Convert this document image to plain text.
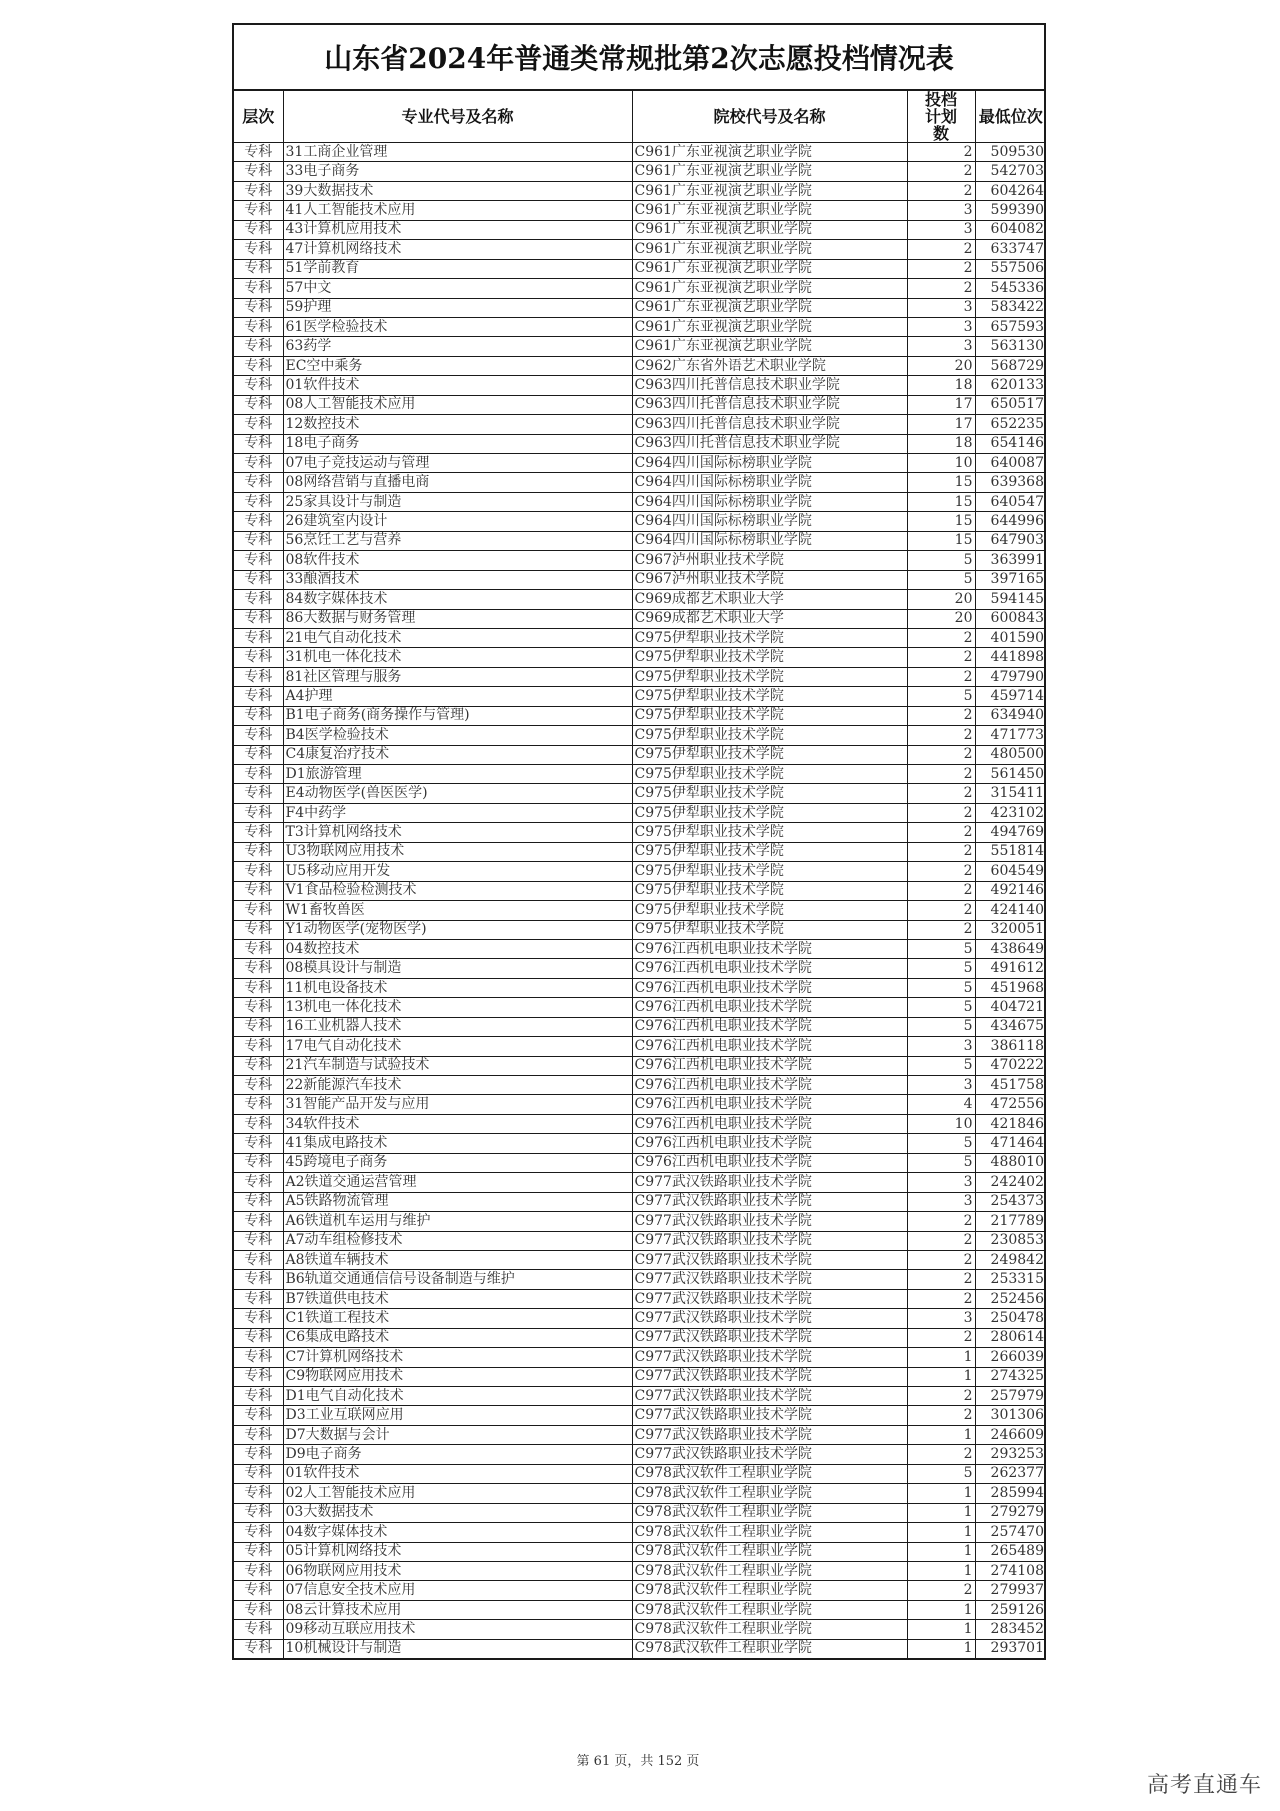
山东省2024年普通类常规批第2次志愿投档情况表
层次	专业代号及名称	院校代号及名称	投档计划数	最低位次
专科	31工商企业管理	C961广东亚视演艺职业学院	2	509530
专科	33电子商务	C961广东亚视演艺职业学院	2	542703
专科	39大数据技术	C961广东亚视演艺职业学院	2	604264
专科	41人工智能技术应用	C961广东亚视演艺职业学院	3	599390
专科	43计算机应用技术	C961广东亚视演艺职业学院	3	604082
专科	47计算机网络技术	C961广东亚视演艺职业学院	2	633747
专科	51学前教育	C961广东亚视演艺职业学院	2	557506
专科	57中文	C961广东亚视演艺职业学院	2	545336
专科	59护理	C961广东亚视演艺职业学院	3	583422
专科	61医学检验技术	C961广东亚视演艺职业学院	3	657593
专科	63药学	C961广东亚视演艺职业学院	3	563130
专科	EC空中乘务	C962广东省外语艺术职业学院	20	568729
专科	01软件技术	C963四川托普信息技术职业学院	18	620133
专科	08人工智能技术应用	C963四川托普信息技术职业学院	17	650517
专科	12数控技术	C963四川托普信息技术职业学院	17	652235
专科	18电子商务	C963四川托普信息技术职业学院	18	654146
专科	07电子竞技运动与管理	C964四川国际标榜职业学院	10	640087
专科	08网络营销与直播电商	C964四川国际标榜职业学院	15	639368
专科	25家具设计与制造	C964四川国际标榜职业学院	15	640547
专科	26建筑室内设计	C964四川国际标榜职业学院	15	644996
专科	56烹饪工艺与营养	C964四川国际标榜职业学院	15	647903
专科	08软件技术	C967泸州职业技术学院	5	363991
专科	33酿酒技术	C967泸州职业技术学院	5	397165
专科	84数字媒体技术	C969成都艺术职业大学	20	594145
专科	86大数据与财务管理	C969成都艺术职业大学	20	600843
专科	21电气自动化技术	C975伊犁职业技术学院	2	401590
专科	31机电一体化技术	C975伊犁职业技术学院	2	441898
专科	81社区管理与服务	C975伊犁职业技术学院	2	479790
专科	A4护理	C975伊犁职业技术学院	5	459714
专科	B1电子商务(商务操作与管理)	C975伊犁职业技术学院	2	634940
专科	B4医学检验技术	C975伊犁职业技术学院	2	471773
专科	C4康复治疗技术	C975伊犁职业技术学院	2	480500
专科	D1旅游管理	C975伊犁职业技术学院	2	561450
专科	E4动物医学(兽医医学)	C975伊犁职业技术学院	2	315411
专科	F4中药学	C975伊犁职业技术学院	2	423102
专科	T3计算机网络技术	C975伊犁职业技术学院	2	494769
专科	U3物联网应用技术	C975伊犁职业技术学院	2	551814
专科	U5移动应用开发	C975伊犁职业技术学院	2	604549
专科	V1食品检验检测技术	C975伊犁职业技术学院	2	492146
专科	W1畜牧兽医	C975伊犁职业技术学院	2	424140
专科	Y1动物医学(宠物医学)	C975伊犁职业技术学院	2	320051
专科	04数控技术	C976江西机电职业技术学院	5	438649
专科	08模具设计与制造	C976江西机电职业技术学院	5	491612
专科	11机电设备技术	C976江西机电职业技术学院	5	451968
专科	13机电一体化技术	C976江西机电职业技术学院	5	404721
专科	16工业机器人技术	C976江西机电职业技术学院	5	434675
专科	17电气自动化技术	C976江西机电职业技术学院	3	386118
专科	21汽车制造与试验技术	C976江西机电职业技术学院	5	470222
专科	22新能源汽车技术	C976江西机电职业技术学院	3	451758
专科	31智能产品开发与应用	C976江西机电职业技术学院	4	472556
专科	34软件技术	C976江西机电职业技术学院	10	421846
专科	41集成电路技术	C976江西机电职业技术学院	5	471464
专科	45跨境电子商务	C976江西机电职业技术学院	5	488010
专科	A2铁道交通运营管理	C977武汉铁路职业技术学院	3	242402
专科	A5铁路物流管理	C977武汉铁路职业技术学院	3	254373
专科	A6铁道机车运用与维护	C977武汉铁路职业技术学院	2	217789
专科	A7动车组检修技术	C977武汉铁路职业技术学院	2	230853
专科	A8铁道车辆技术	C977武汉铁路职业技术学院	2	249842
专科	B6轨道交通通信信号设备制造与维护	C977武汉铁路职业技术学院	2	253315
专科	B7铁道供电技术	C977武汉铁路职业技术学院	2	252456
专科	C1铁道工程技术	C977武汉铁路职业技术学院	3	250478
专科	C6集成电路技术	C977武汉铁路职业技术学院	2	280614
专科	C7计算机网络技术	C977武汉铁路职业技术学院	1	266039
专科	C9物联网应用技术	C977武汉铁路职业技术学院	1	274325
专科	D1电气自动化技术	C977武汉铁路职业技术学院	2	257979
专科	D3工业互联网应用	C977武汉铁路职业技术学院	2	301306
专科	D7大数据与会计	C977武汉铁路职业技术学院	1	246609
专科	D9电子商务	C977武汉铁路职业技术学院	2	293253
专科	01软件技术	C978武汉软件工程职业学院	5	262377
专科	02人工智能技术应用	C978武汉软件工程职业学院	1	285994
专科	03大数据技术	C978武汉软件工程职业学院	1	279279
专科	04数字媒体技术	C978武汉软件工程职业学院	1	257470
专科	05计算机网络技术	C978武汉软件工程职业学院	1	265489
专科	06物联网应用技术	C978武汉软件工程职业学院	1	274108
专科	07信息安全技术应用	C978武汉软件工程职业学院	2	279937
专科	08云计算技术应用	C978武汉软件工程职业学院	1	259126
专科	09移动互联应用技术	C978武汉软件工程职业学院	1	283452
专科	10机械设计与制造	C978武汉软件工程职业学院	1	293701
第 61 页，共 152 页
高考直通车
